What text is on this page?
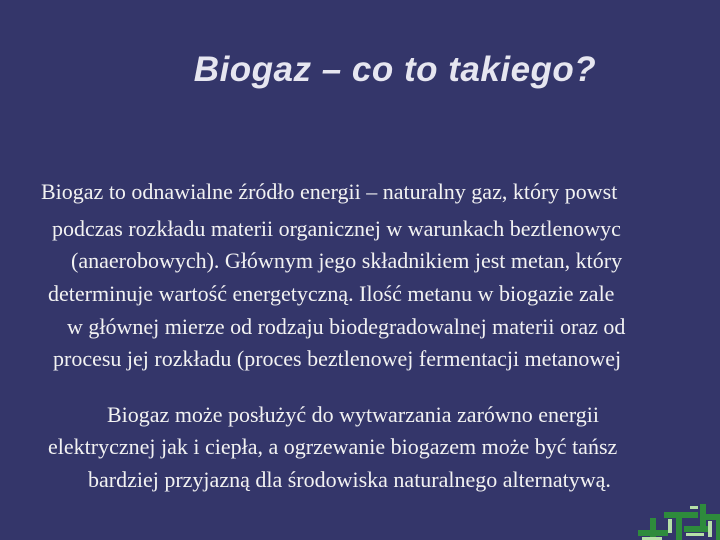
Biogaz – co to takiego?
Biogaz to odnawialne źródło energii – naturalny gaz, który powst
podczas rozkładu materii organicznej w warunkach beztlenowyc
(anaerobowych). Głównym jego składnikiem jest metan, który
determinuje wartość energetyczną. Ilość metanu w biogazie zale
w głównej mierze od rodzaju biodegradowalnej materii oraz od
procesu jej rozkładu (proces beztlenowej fermentacji metanowej
Biogaz może posłużyć do wytwarzania zarówno energii
elektrycznej jak i ciepła, a ogrzewanie biogazem może być tańsz
bardziej przyjazną dla środowiska naturalnego alternatywą.
